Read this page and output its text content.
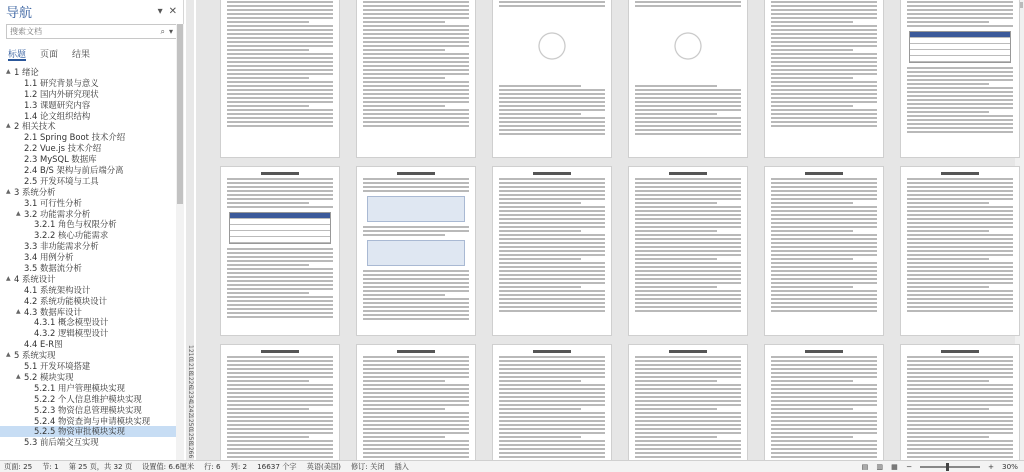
导航	▾ ✕
搜索文档	⌕ ▾
标题 页面 结果
▲ 1 绪论
1.1 研究背景与意义
1.2 国内外研究现状
1.3 课题研究内容
1.4 论文组织结构
▲ 2 相关技术
2.1 Spring Boot 技术介绍
2.2 Vue.js 技术介绍
2.3 MySQL 数据库
2.4 B/S 架构与前后端分离
2.5 开发环境与工具
▲ 3 系统分析
3.1 可行性分析
▲ 3.2 功能需求分析
3.2.1 角色与权限分析
3.2.2 核心功能需求
3.3 非功能需求分析
3.4 用例分析
3.5 数据流分析
▲ 4 系统设计
4.1 系统架构设计
4.2 系统功能模块设计
▲ 4.3 数据库设计
4.3.1 概念模型设计
4.3.2 逻辑模型设计
4.4 E-R图
▲ 5 系统实现
5.1 开发环境搭建
▲ 5.2 模块实现
5.2.1 用户管理模块实现
5.2.2 个人信息维护模块实现
5.2.3 物资信息管理模块实现
5.2.4 物资查询与申请模块实现
5.2.5 物资审批模块实现
5.3 前后端交互实现
1210
1218
1226
1234
1242
1250
1258
1266
页面: 25 节: 1 第 25 页，共 32 页 设置值: 6.6厘米 行: 6 列: 2 16637 个字 英语(美国) 修订: 关闭 插入	▤ ▥ ▦ −	+ 30%
